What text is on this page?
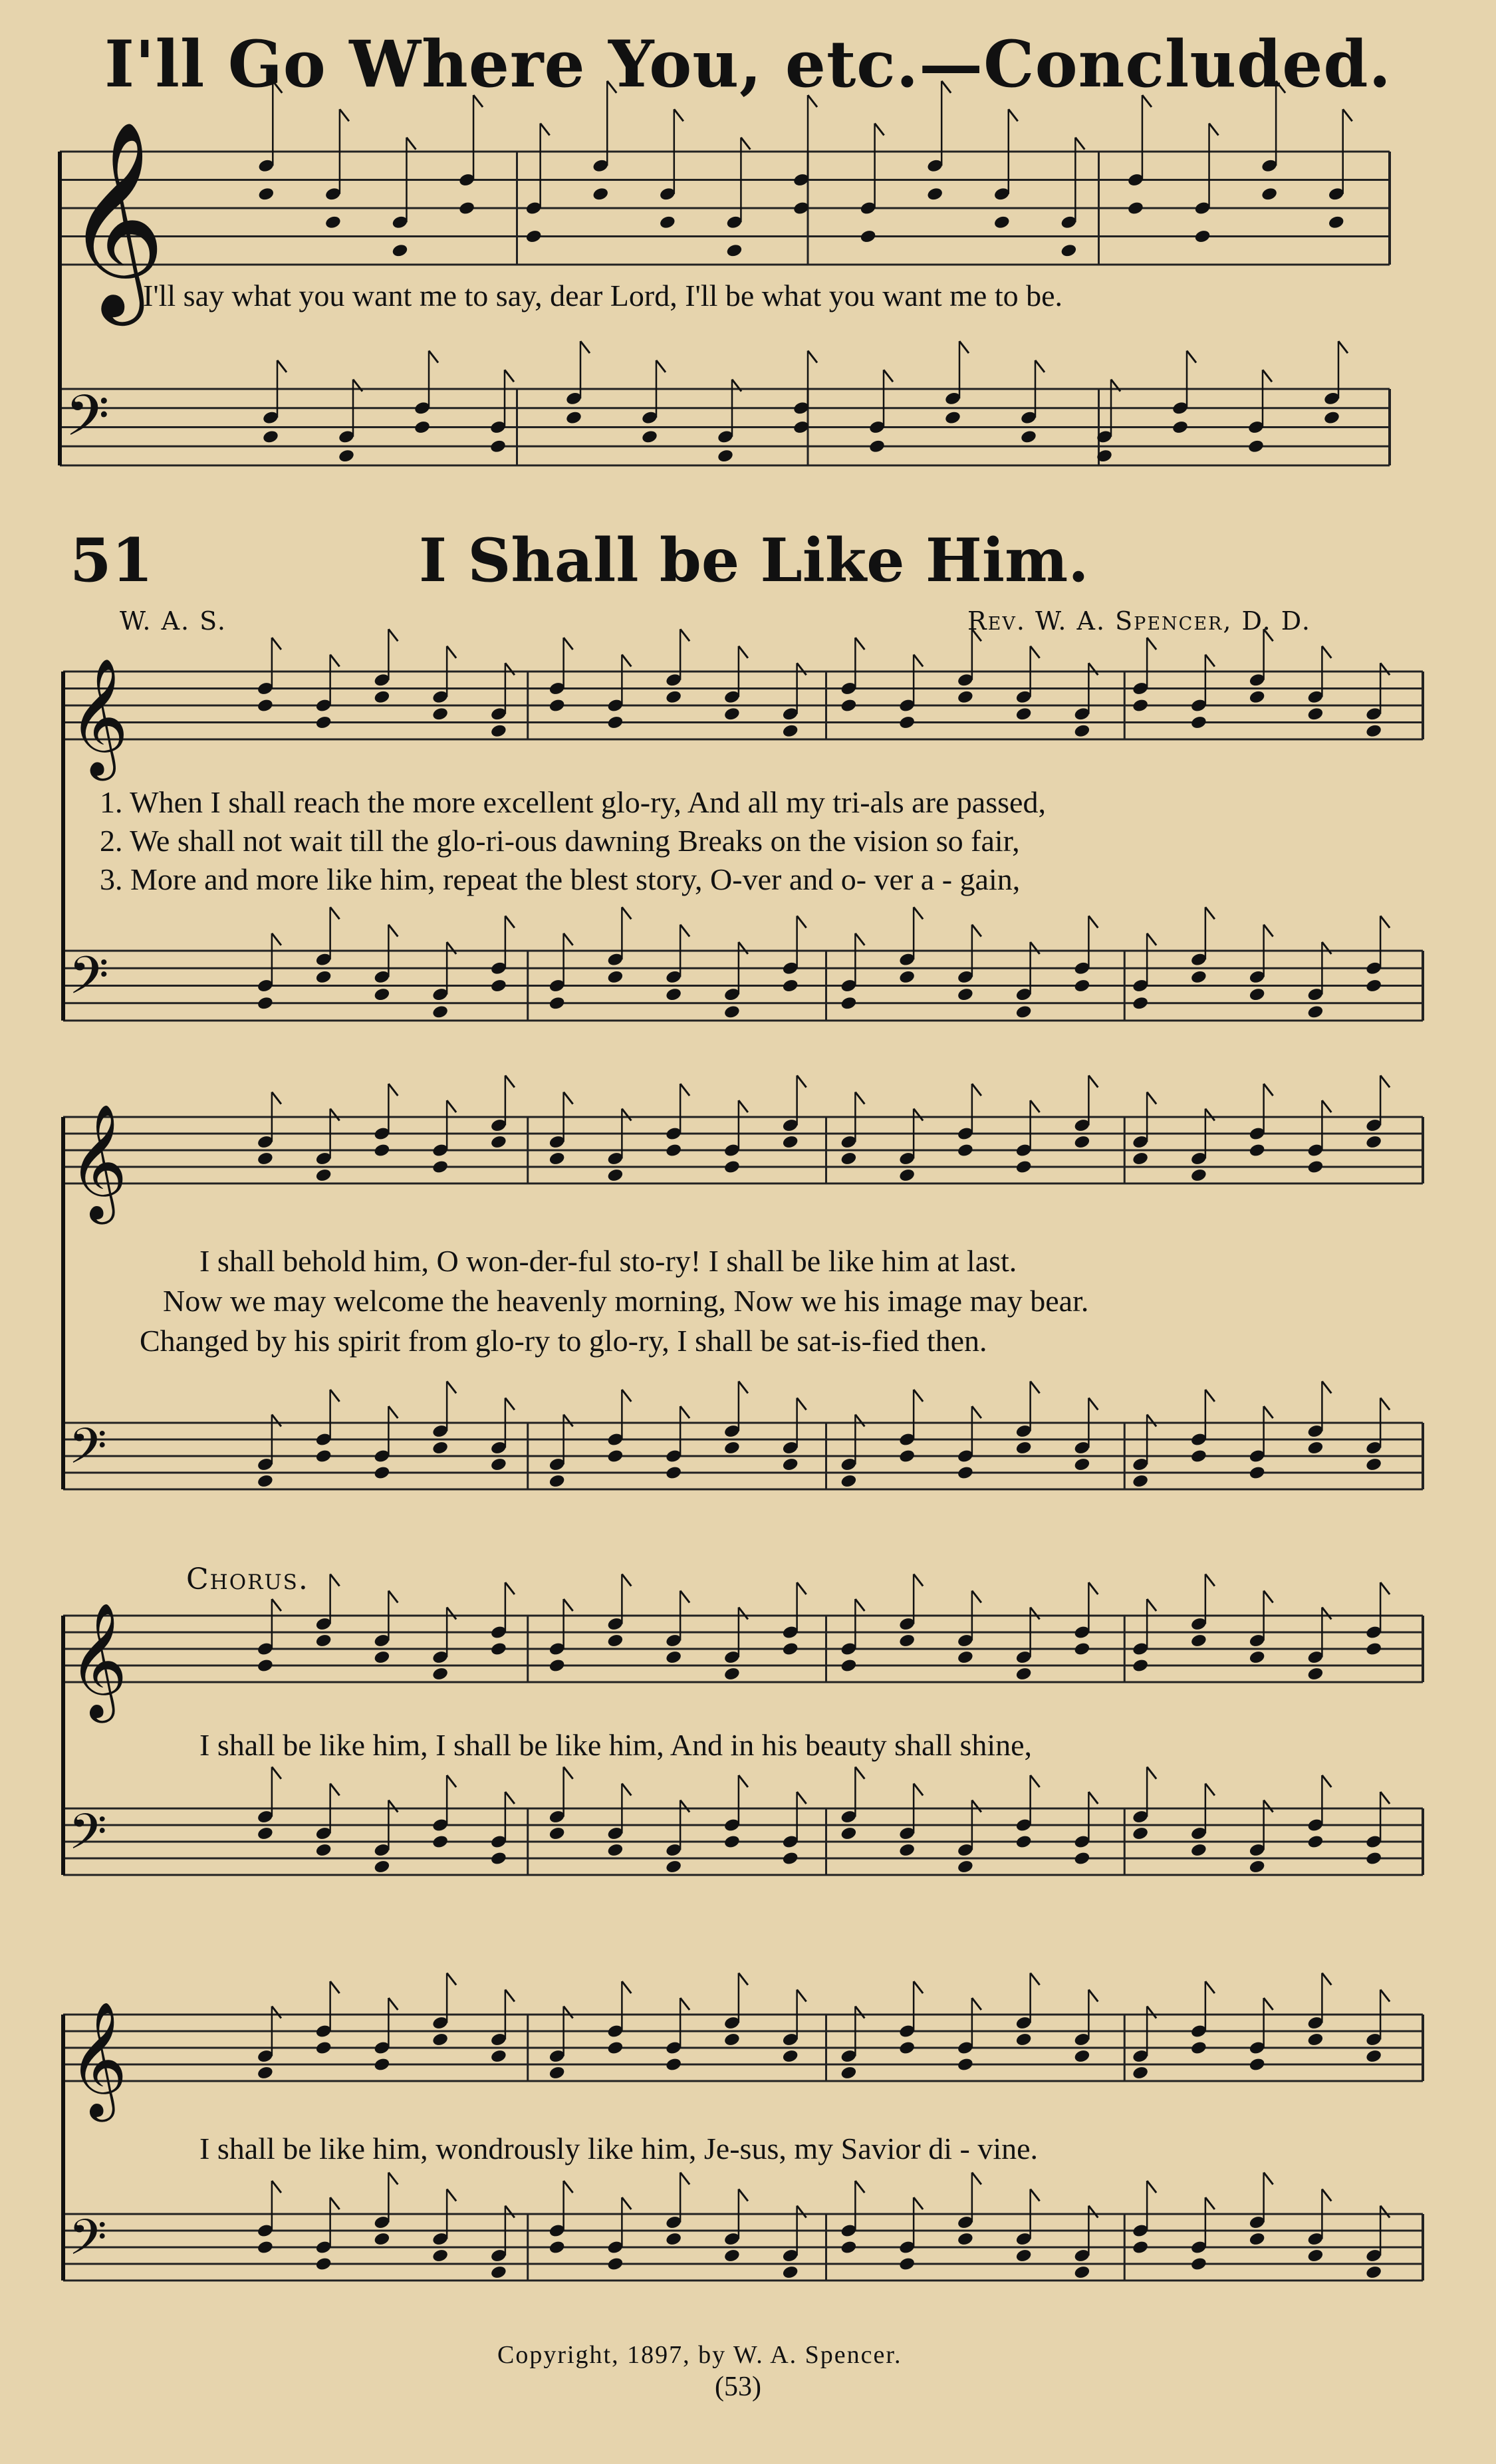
I'll Go Where You, etc.—Concluded.
𝄞
𝄢
𝄞
𝄢
𝄞
𝄢
𝄞
𝄢
𝄞
𝄢
I'll say what you want me to say, dear Lord, I'll be what you want me to be.
51	I Shall be Like Him.
W. A. S.	Rev. W. A. Spencer, D. D.
1. When I shall reach the more excellent glo-ry, And all my tri-als are passed,
2. We shall not wait till the glo-ri-ous dawning Breaks on the vision so fair,
3. More and more like him, repeat the blest story, O-ver and o- ver a - gain,
I shall behold him, O won-der-ful sto-ry! I shall be like him at last.
Now we may welcome the heavenly morning, Now we his image may bear.
Changed by his spirit from glo-ry to glo-ry, I shall be sat-is-fied then.
Chorus.
I shall be like him, I shall be like him, And in his beauty shall shine,
I shall be like him, wondrously like him, Je-sus, my Savior di - vine.
Copyright, 1897, by W. A. Spencer.
(53)
